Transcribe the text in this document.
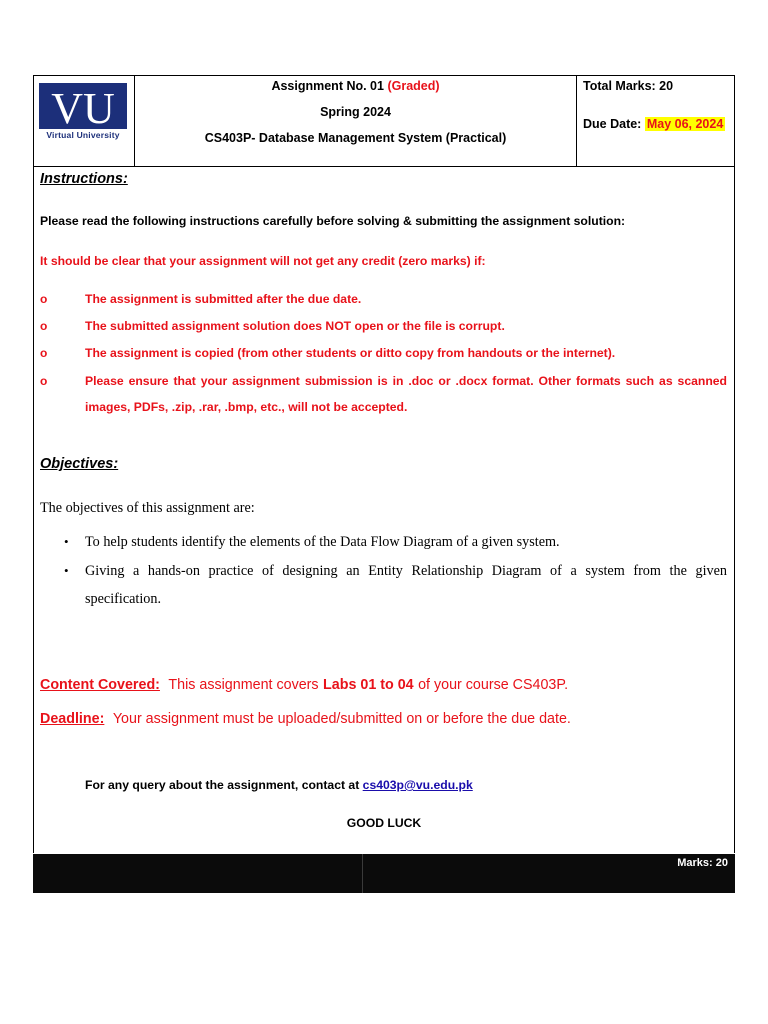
VU
Virtual University
Assignment No. 01 (Graded)
Spring 2024
CS403P- Database Management System (Practical)
Total Marks: 20
Due Date: May 06, 2024
Instructions:
Please read the following instructions carefully before solving & submitting the assignment solution:
It should be clear that your assignment will not get any credit (zero marks) if:
o	The assignment is submitted after the due date.
o	The submitted assignment solution does NOT open or the file is corrupt.
o	The assignment is copied (from other students or ditto copy from handouts or the internet).
o	Please ensure that your assignment submission is in .doc or .docx format. Other formats such as scanned
images, PDFs, .zip, .rar, .bmp, etc., will not be accepted.
Objectives:
The objectives of this assignment are:
• To help students identify the elements of the Data Flow Diagram of a given system.
• Giving a hands-on practice of designing an Entity Relationship Diagram of a system from the given
specification.
Content Covered: This assignment covers Labs 01 to 04 of your course CS403P.
Deadline: Your assignment must be uploaded/submitted on or before the due date.
For any query about the assignment, contact at cs403p@vu.edu.pk
GOOD LUCK
Marks: 20
